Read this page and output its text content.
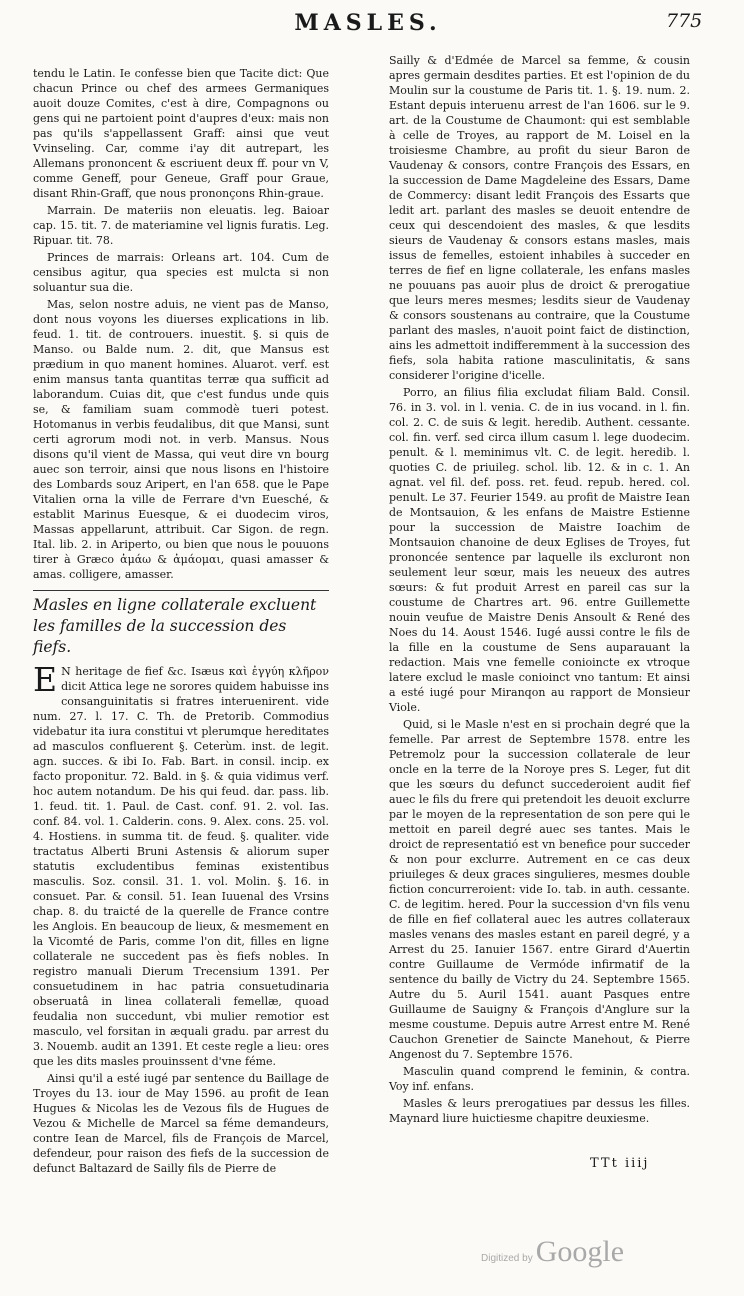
MASLES.	775

tendu le Latin. Ie confesse bien que Tacite dict: Que chacun Prince ou chef des armees Germaniques auoit douze Comites, c'est à dire, Compagnons ou gens qui ne partoient point d'aupres d'eux: mais non pas qu'ils s'appellassent Graff: ainsi que veut Vvinseling. Car, comme i'ay dit autrepart, les Allemans prononcent & escriuent deux ff. pour vn V, comme Geneff, pour Geneue, Graff pour Graue, disant Rhin-Graff, que nous prononçons Rhin-graue.

Marrain. De materiis non eleuatis. leg. Baioar cap. 15. tit. 7. de materiamine vel lignis furatis. Leg. Ripuar. tit. 78.

Princes de marrais: Orleans art. 104. Cum de censibus agitur, qua species est mulcta si non soluantur sua die.

Mas, selon nostre aduis, ne vient pas de Manso, dont nous voyons les diuerses explications in lib. feud. 1. tit. de controuers. inuestit. §. si quis de Manso. ou Balde num. 2. dit, que Mansus est prædium in quo manent homines. Aluarot. verf. est enim mansus tanta quantitas terræ qua sufficit ad laborandum. Cuias dit, que c'est fundus unde quis se, & familiam suam commodè tueri potest. Hotomanus in verbis feudalibus, dit que Mansi, sunt certi agrorum modi not. in verb. Mansus. Nous disons qu'il vient de Massa, qui veut dire vn bourg auec son terroir, ainsi que nous lisons en l'histoire des Lombards souz Aripert, en l'an 658. que le Pape Vitalien orna la ville de Ferrare d'vn Euesché, & establit Marinus Euesque, & ei duodecim viros, Massas appellarunt, attribuit. Car Sigon. de regn. Ital. lib. 2. in Ariperto, ou bien que nous le pouuons tirer à Græco ἀμάω & ἀμάομαι, quasi amasser & amas. colligere, amasser.

Masles en ligne collaterale excluent les familles de la succession des fiefs.

E N heritage de fief &c. Isæus καὶ ἐγγύη κλῆρον dicit Attica lege ne sorores quidem habuisse ins consanguinitatis si fratres interuenirent. vide num. 27. l. 17. C. Th. de Pretorib. Commodius videbatur ita iura constitui vt plerumque hereditates ad masculos confluerent §. Ceterùm. inst. de legit. agn. succes. & ibi Io. Fab. Bart. in consil. incip. ex facto proponitur. 72. Bald. in §. & quia vidimus verf. hoc autem notandum. De his qui feud. dar. pass. lib. 1. feud. tit. 1. Paul. de Cast. conf. 91. 2. vol. Ias. conf. 84. vol. 1. Calderin. cons. 9. Alex. cons. 25. vol. 4. Hostiens. in summa tit. de feud. §. qualiter. vide tractatus Alberti Bruni Astensis & aliorum super statutis excludentibus feminas existentibus masculis. Soz. consil. 31. 1. vol. Molin. §. 16. in consuet. Par. & consil. 51. Iean Iuuenal des Vrsins chap. 8. du traicté de la querelle de France contre les Anglois. En beaucoup de lieux, & mesmement en la Vicomté de Paris, comme l'on dit, filles en ligne collaterale ne succedent pas ès fiefs nobles. In registro manuali Dierum Trecensium 1391. Per consuetudinem in hac patria consuetudinaria obseruatâ in linea collaterali femellæ, quoad feudalia non succedunt, vbi mulier remotior est masculo, vel forsitan in æquali gradu. par arrest du 3. Nouemb. audit an 1391. Et ceste regle a lieu: ores que les dits masles prouinssent d'vne féme.

Ainsi qu'il a esté iugé par sentence du Baillage de Troyes du 13. iour de May 1596. au profit de Iean Hugues & Nicolas les de Vezous fils de Hugues de Vezou & Michelle de Marcel sa féme demandeurs, contre Iean de Marcel, fils de François de Marcel, defendeur, pour raison des fiefs de la succession de defunct Baltazard de Sailly fils de Pierre de

Sailly & d'Edmée de Marcel sa femme, & cousin apres germain desdites parties. Et est l'opinion de du Moulin sur la coustume de Paris tit. 1. §. 19. num. 2. Estant depuis interuenu arrest de l'an 1606. sur le 9. art. de la Coustume de Chaumont: qui est semblable à celle de Troyes, au rapport de M. Loisel en la troisiesme Chambre, au profit du sieur Baron de Vaudenay & consors, contre François des Essars, en la succession de Dame Magdeleine des Essars, Dame de Commercy: disant ledit François des Essarts que ledit art. parlant des masles se deuoit entendre de ceux qui descendoient des masles, & que lesdits sieurs de Vaudenay & consors estans masles, mais issus de femelles, estoient inhabiles à succeder en terres de fief en ligne collaterale, les enfans masles ne pouuans pas auoir plus de droict & prerogatiue que leurs meres mesmes; lesdits sieur de Vaudenay & consors soustenans au contraire, que la Coustume parlant des masles, n'auoit point faict de distinction, ains les admettoit indifferemment à la succession des fiefs, sola habita ratione masculinitatis, & sans considerer l'origine d'icelle.

Porro, an filius filia excludat filiam Bald. Consil. 76. in 3. vol. in l. venia. C. de in ius vocand. in l. fin. col. 2. C. de suis & legit. heredib. Authent. cessante. col. fin. verf. sed circa illum casum l. lege duodecim. penult. & l. meminimus vlt. C. de legit. heredib. l. quoties C. de priuileg. schol. lib. 12. & in c. 1. An agnat. vel fil. def. poss. ret. feud. repub. hered. col. penult. Le 37. Feurier 1549. au profit de Maistre Iean de Montsauion, & les enfans de Maistre Estienne pour la succession de Maistre Ioachim de Montsauion chanoine de deux Eglises de Troyes, fut prononcée sentence par laquelle ils excluront non seulement leur sœur, mais les neueux des autres sœurs: & fut produit Arrest en pareil cas sur la coustume de Chartres art. 96. entre Guillemette nouin veufue de Maistre Denis Ansoult & René des Noes du 14. Aoust 1546. Iugé aussi contre le fils de la fille en la coustume de Sens auparauant la redaction. Mais vne femelle conioincte ex vtroque latere exclud le masle conioinct vno tantum: Et ainsi a esté iugé pour Miranqon au rapport de Monsieur Viole.

Quid, si le Masle n'est en si prochain degré que la femelle. Par arrest de Septembre 1578. entre les Petremolz pour la succession collaterale de leur oncle en la terre de la Noroye pres S. Leger, fut dit que les sœurs du defunct succederoient audit fief auec le fils du frere qui pretendoit les deuoit exclurre par le moyen de la representation de son pere qui le mettoit en pareil degré auec ses tantes. Mais le droict de representatió est vn benefice pour succeder & non pour exclurre. Autrement en ce cas deux priuileges & deux graces singulieres, mesmes double fiction concurreroient: vide Io. tab. in auth. cessante. C. de legitim. hered. Pour la succession d'vn fils venu de fille en fief collateral auec les autres collateraux masles venans des masles estant en pareil degré, y a Arrest du 25. Ianuier 1567. entre Girard d'Auertin contre Guillaume de Vermóde infirmatif de la sentence du bailly de Victry du 24. Septembre 1565. Autre du 5. Auril 1541. auant Pasques entre Guillaume de Sauigny & François d'Anglure sur la mesme coustume. Depuis autre Arrest entre M. René Cauchon Grenetier de Saincte Manehout, & Pierre Angenost du 7. Septembre 1576.

Masculin quand comprend le feminin, & contra. Voy inf. enfans.

Masles & leurs prerogatiues par dessus les filles. Maynard liure huictiesme chapitre deuxiesme.

TTt iiij
Digitized by Google
